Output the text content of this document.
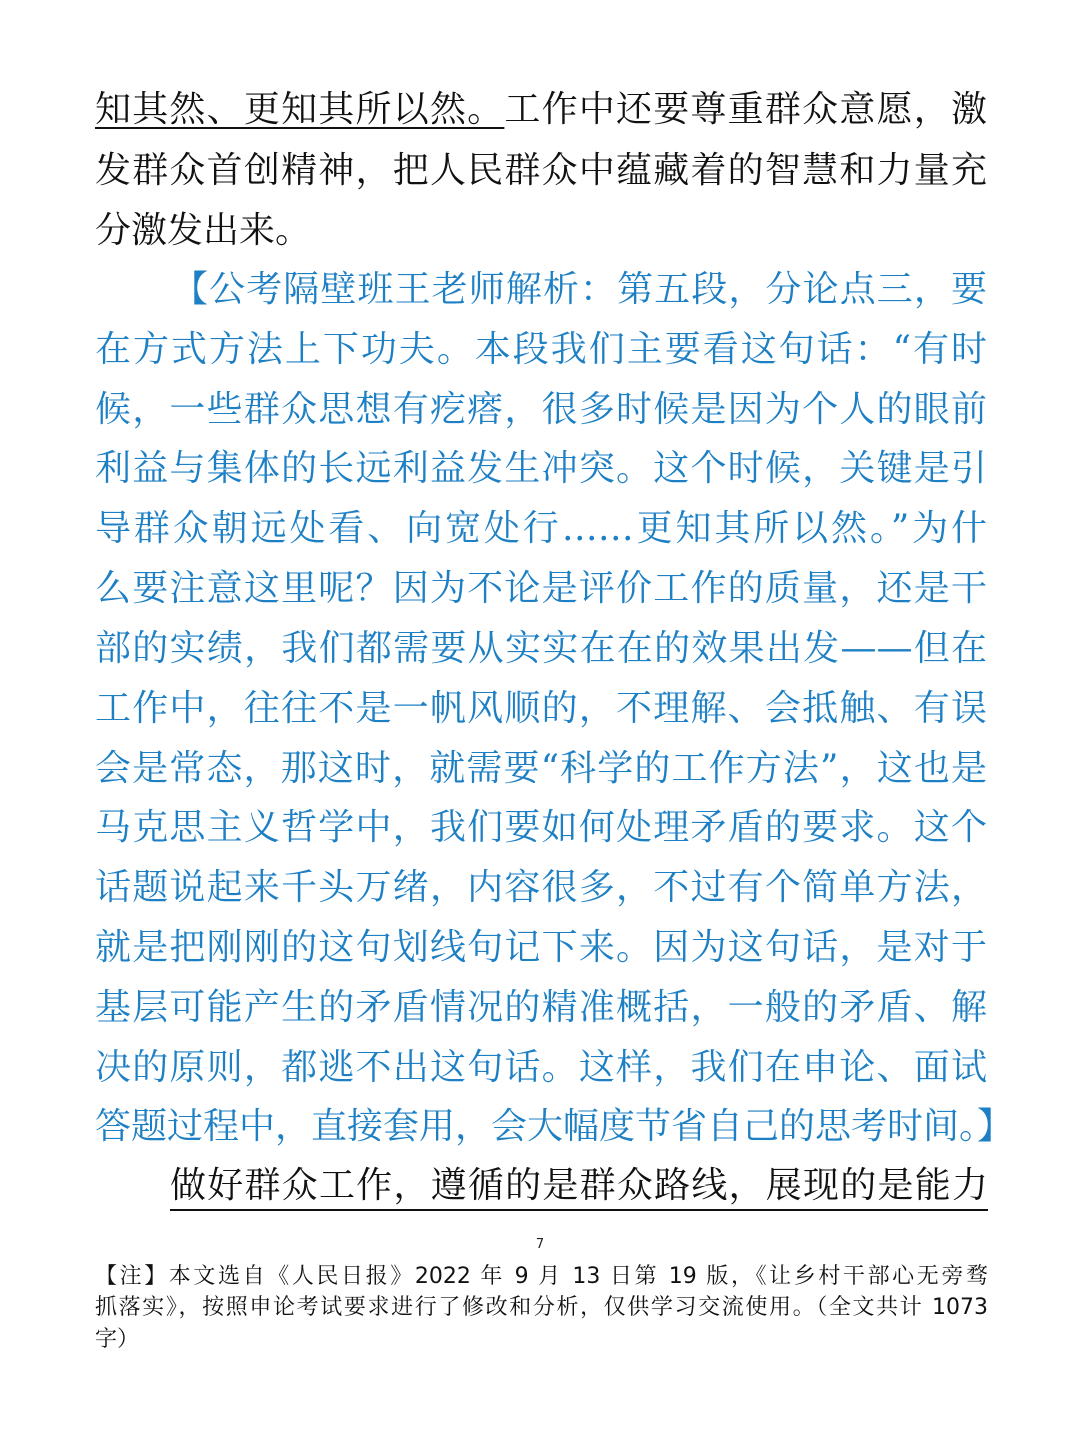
知其然、更知其所以然。工作中还要尊重群众意愿，激
发群众首创精神，把人民群众中蕴藏着的智慧和力量充
分激发出来。
【公考隔壁班王老师解析：第五段，分论点三，要
在方式方法上下功夫。本段我们主要看这句话：“有时
候，一些群众思想有疙瘩，很多时候是因为个人的眼前
利益与集体的长远利益发生冲突。这个时候，关键是引
导群众朝远处看、向宽处行……更知其所以然。”为什
么要注意这里呢？因为不论是评价工作的质量，还是干
部的实绩，我们都需要从实实在在的效果出发——但在
工作中，往往不是一帆风顺的，不理解、会抵触、有误
会是常态，那这时，就需要“科学的工作方法”，这也是
马克思主义哲学中，我们要如何处理矛盾的要求。这个
话题说起来千头万绪，内容很多，不过有个简单方法，
就是把刚刚的这句划线句记下来。因为这句话，是对于
基层可能产生的矛盾情况的精准概括，一般的矛盾、解
决的原则，都逃不出这句话。这样，我们在申论、面试
答题过程中，直接套用，会大幅度节省自己的思考时间。】
做好群众工作，遵循的是群众路线，展现的是能力
7
【注】本文选自《人民日报》2022 年 9 月 13 日第 19 版，《让乡村干部心无旁骛
抓落实》，按照申论考试要求进行了修改和分析，仅供学习交流使用。（全文共计 1073
字）
